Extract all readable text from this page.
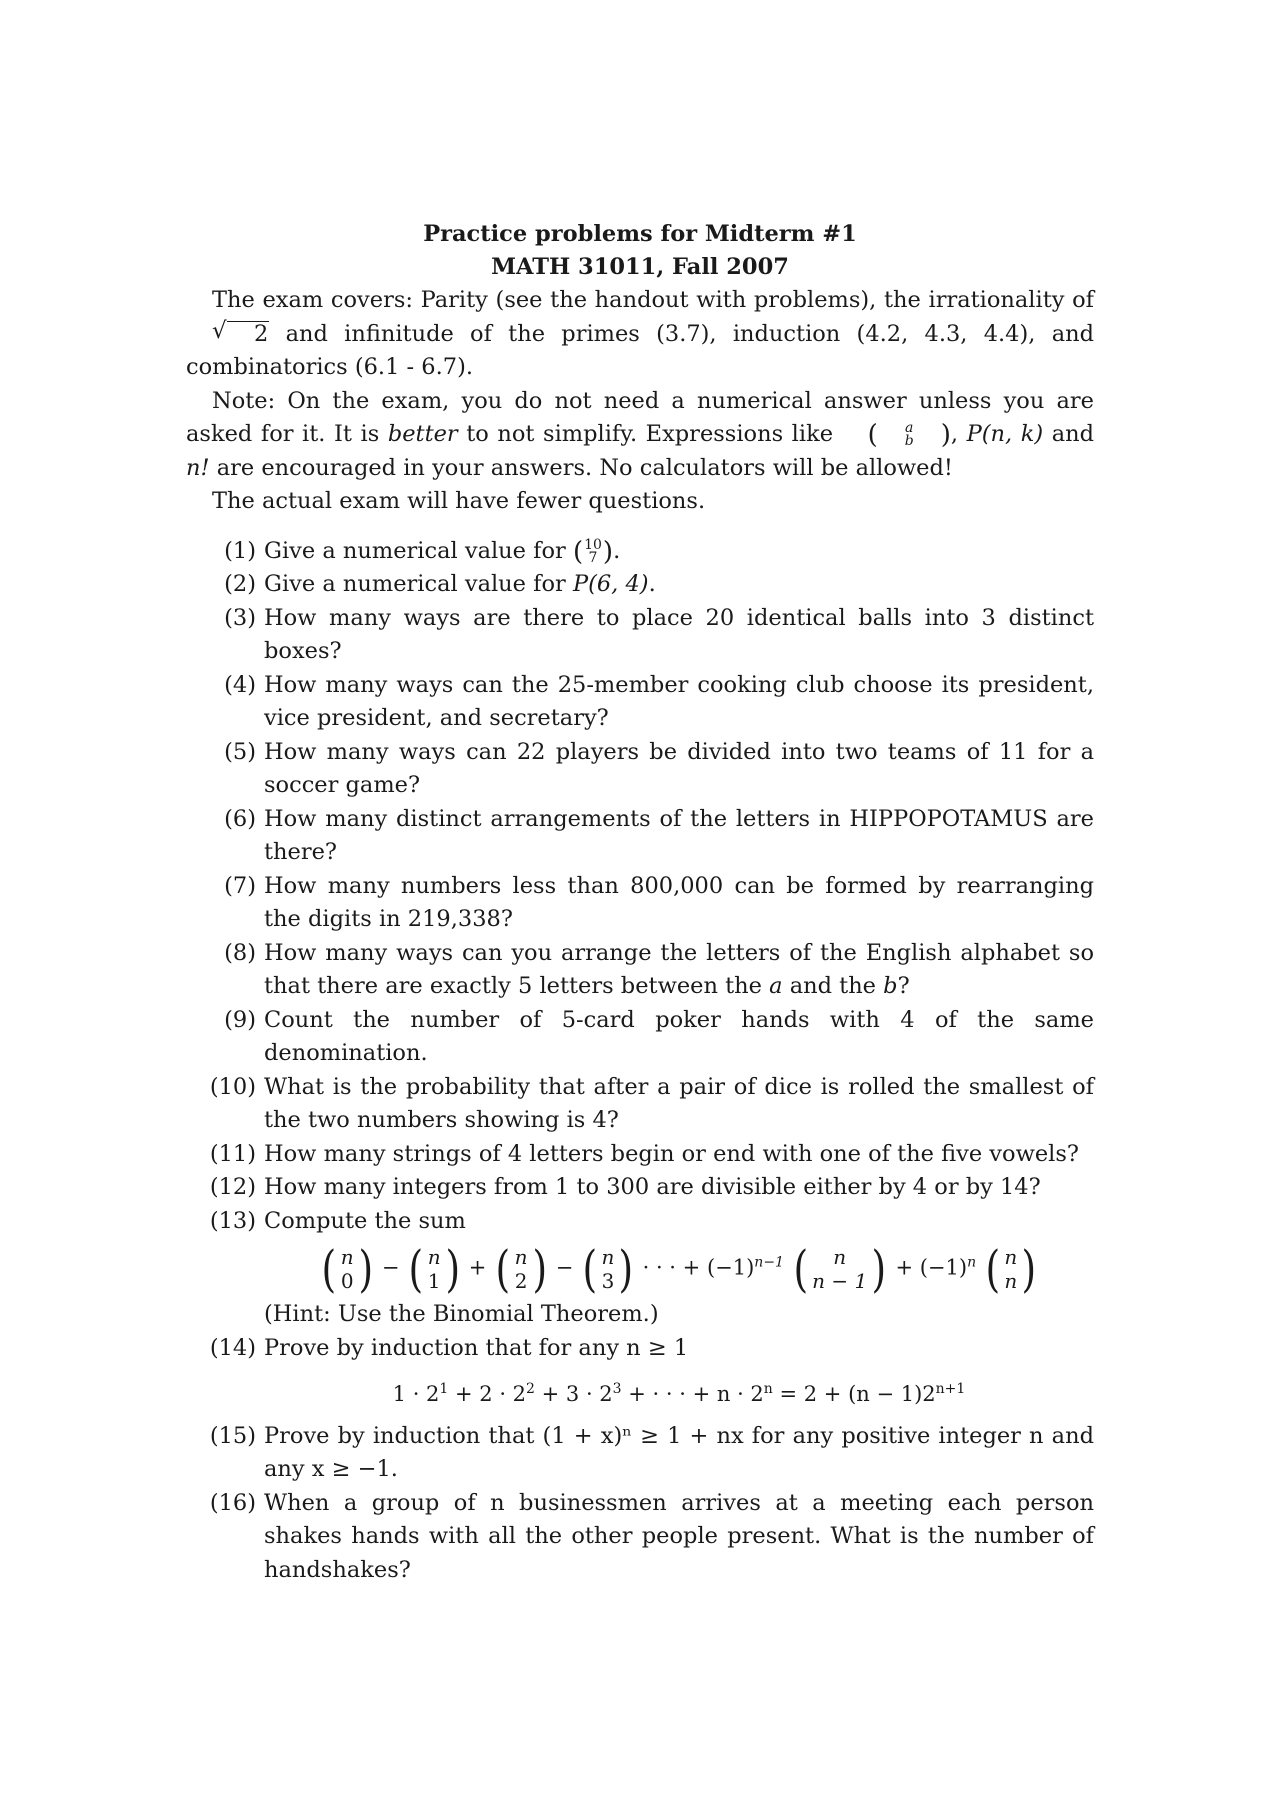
Practice problems for Midterm #1
MATH 31011, Fall 2007

The exam covers: Parity (see the handout with problems), the irrationality of
√ 2 and infinitude of the primes (3.7), induction (4.2, 4.3, 4.4), and combinatorics (6.1 - 6.7).

Note: On the exam, you do not need a numerical answer unless you are asked for it. It is better to not simplify. Expressions like	(	a
b	) , P(n, k) and n! are encouraged in your answers. No calculators will be allowed!

The actual exam will have fewer questions.

(1) Give a numerical value for ( 10
7 ) .
(2) Give a numerical value for P(6, 4).
(3) How many ways are there to place 20 identical balls into 3 distinct boxes?
(4) How many ways can the 25-member cooking club choose its president, vice president, and secretary?
(5) How many ways can 22 players be divided into two teams of 11 for a soccer game?
(6) How many distinct arrangements of the letters in HIPPOPOTAMUS are there?
(7) How many numbers less than 800,000 can be formed by rearranging the digits in 219,338?
(8) How many ways can you arrange the letters of the English alphabet so that there are exactly 5 letters between the a and the b?
(9) Count the number of 5-card poker hands with 4 of the same denomination.
(10) What is the probability that after a pair of dice is rolled the smallest of the two numbers showing is 4?
(11) How many strings of 4 letters begin or end with one of the five vowels?
(12) How many integers from 1 to 300 are divisible either by 4 or by 14?
(13) Compute the sum
( n
0 ) − ( n
1 ) + ( n
2 ) − ( n
3 ) · · · + $(-1)^{n-1}$ ( n
n − 1 ) + $(-1)^n$ ( n
n )
(Hint: Use the Binomial Theorem.)
(14) Prove by induction that for any n ≥ 1
$1 \cdot 2^1 + 2 \cdot 2^2 + 3 \cdot 2^3$ + · · · + $n \cdot 2^n = 2 + (n - 1)2^{n+1}$
(15) Prove by induction that (1 + x)ⁿ ≥ 1 + nx for any positive integer n and any x ≥ −1.
(16) When a group of n businessmen arrives at a meeting each person shakes hands with all the other people present. What is the number of handshakes?
